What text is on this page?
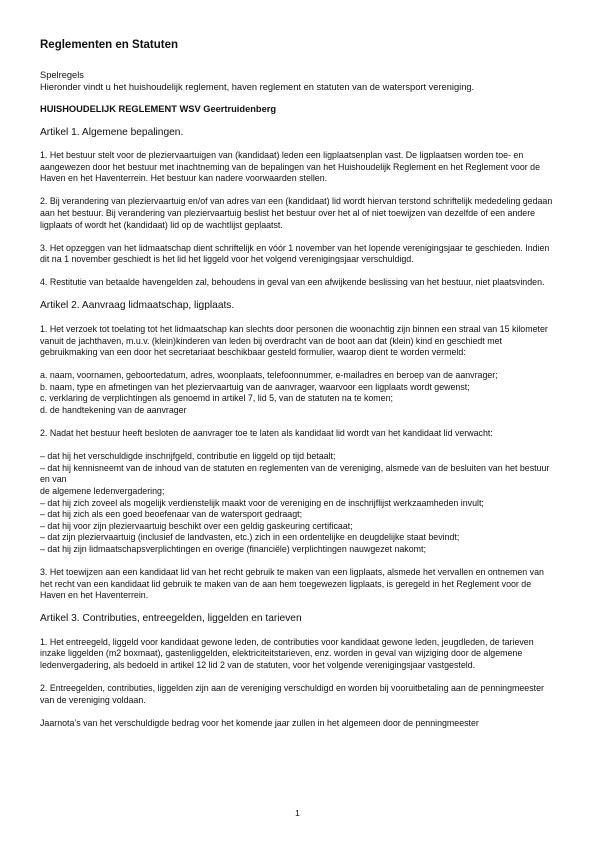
Reglementen en Statuten
Spelregels
Hieronder vindt u het huishoudelijk reglement, haven reglement en statuten van de watersport vereniging.
HUISHOUDELIJK REGLEMENT WSV Geertruidenberg
Artikel 1. Algemene bepalingen.

1. Het bestuur stelt voor de pleziervaartuigen van (kandidaat) leden een ligplaatsenplan vast. De ligplaatsen worden toe- en aangewezen door het bestuur met inachtneming van de bepalingen van het Huishoudelijk Reglement en het Reglement voor de Haven en het Haventerrein. Het bestuur kan nadere voorwaarden stellen.

2. Bij verandering van pleziervaartuig en/of van adres van een (kandidaat) lid wordt hiervan terstond schriftelijk mededeling gedaan aan het bestuur. Bij verandering van pleziervaartuig beslist het bestuur over het al of niet toewijzen van dezelfde of een andere ligplaats of wordt het (kandidaat) lid op de wachtlijst geplaatst.

3. Het opzeggen van het lidmaatschap dient schriftelijk en vóór 1 november van het lopende verenigingsjaar te geschieden. Indien dit na 1 november geschiedt is het lid het liggeld voor het volgend verenigingsjaar verschuldigd.

4. Restitutie van betaalde havengelden zal, behoudens in geval van een afwijkende beslissing van het bestuur, niet plaatsvinden.

Artikel 2. Aanvraag lidmaatschap, ligplaats.

1. Het verzoek tot toelating tot het lidmaatschap kan slechts door personen die woonachtig zijn binnen een straal van 15 kilometer vanuit de jachthaven, m.u.v. (klein)kinderen van leden bij overdracht van de boot aan dat (klein) kind en geschiedt met gebruikmaking van een door het secretariaat beschikbaar gesteld formulier, waarop dient te worden vermeld:

a. naam, voornamen, geboortedatum, adres, woonplaats, telefoonnummer, e-mailadres en beroep van de aanvrager;
b. naam, type en afmetingen van het pleziervaartuig van de aanvrager, waarvoor een ligplaats wordt gewenst;
c. verklaring de verplichtingen als genoemd in artikel 7, lid 5, van de statuten na te komen;
d. de handtekening van de aanvrager

2. Nadat het bestuur heeft besloten de aanvrager toe te laten als kandidaat lid wordt van het kandidaat lid verwacht:

– dat hij het verschuldigde inschrijfgeld, contributie en liggeld op tijd betaalt;
– dat hij kennisneemt van de inhoud van de statuten en reglementen van de vereniging, alsmede van de besluiten van het bestuur en van
de algemene ledenvergadering;
– dat hij zich zoveel als mogelijk verdienstelijk maakt voor de vereniging en de inschrijflijst werkzaamheden invult;
– dat hij zich als een goed beoefenaar van de watersport gedraagt;
– dat hij voor zijn pleziervaartuig beschikt over een geldig gaskeuring certificaat;
– dat zijn pleziervaartuig (inclusief de landvasten, etc.) zich in een ordentelijke en deugdelijke staat bevindt;
– dat hij zijn lidmaatschapsverplichtingen en overige (financiële) verplichtingen nauwgezet nakomt;

3. Het toewijzen aan een kandidaat lid van het recht gebruik te maken van een ligplaats, alsmede het vervallen en ontnemen van het recht van een kandidaat lid gebruik te maken van de aan hem toegewezen ligplaats, is geregeld in het Reglement voor de Haven en het Haventerrein.

Artikel 3. Contributies, entreegelden, liggelden en tarieven

1. Het entreegeld, liggeld voor kandidaat gewone leden, de contributies voor kandidaat gewone leden, jeugdleden, de tarieven inzake liggelden (m2 boxmaat), gastenliggelden, elektriciteitstarieven, enz. worden in geval van wijziging door de algemene ledenvergadering, als bedoeld in artikel 12 lid 2 van de statuten, voor het volgende verenigingsjaar vastgesteld.

2. Entreegelden, contributies, liggelden zijn aan de vereniging verschuldigd en worden bij vooruitbetaling aan de penningmeester van de vereniging voldaan.

Jaarnota’s van het verschuldigde bedrag voor het komende jaar zullen in het algemeen door de penningmeester

1
